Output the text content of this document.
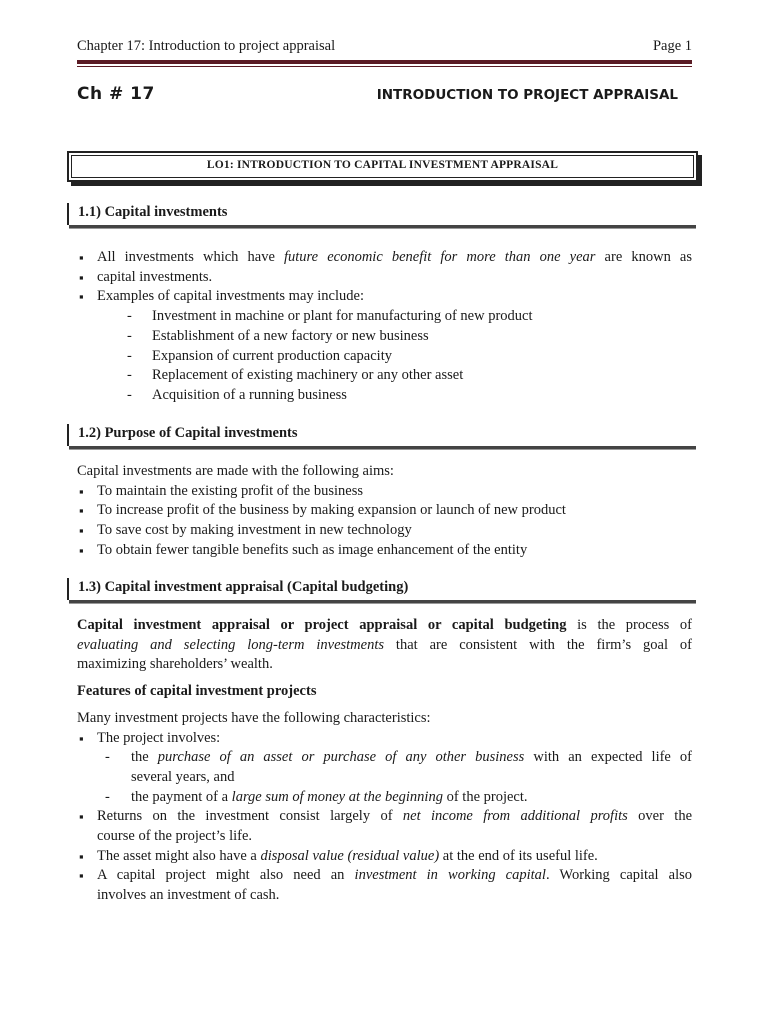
Chapter 17: Introduction to project appraisal	Page 1
Ch # 17	INTRODUCTION TO PROJECT APPRAISAL
LO1: INTRODUCTION TO CAPITAL INVESTMENT APPRAISAL
1.1) Capital investments

▪ All investments which have future economic benefit for more than one year are known as

▪ capital investments.

▪ Examples of capital investments may include:

- Investment in machine or plant for manufacturing of new product

- Establishment of a new factory or new business

- Expansion of current production capacity

- Replacement of existing machinery or any other asset

- Acquisition of a running business

1.2) Purpose of Capital investments

Capital investments are made with the following aims:

▪ To maintain the existing profit of the business

▪ To increase profit of the business by making expansion or launch of new product

▪ To save cost by making investment in new technology

▪ To obtain fewer tangible benefits such as image enhancement of the entity

1.3) Capital investment appraisal (Capital budgeting)

Capital investment appraisal or project appraisal or capital budgeting is the process of

evaluating and selecting long-term investments that are consistent with the firm’s goal of

maximizing shareholders’ wealth.

Features of capital investment projects

Many investment projects have the following characteristics:

▪ The project involves:

- the purchase of an asset or purchase of any other business with an expected life of

several years, and

- the payment of a large sum of money at the beginning of the project.

▪ Returns on the investment consist largely of net income from additional profits over the

course of the project’s life.

▪ The asset might also have a disposal value (residual value) at the end of its useful life.

▪ A capital project might also need an investment in working capital. Working capital also

involves an investment of cash.
